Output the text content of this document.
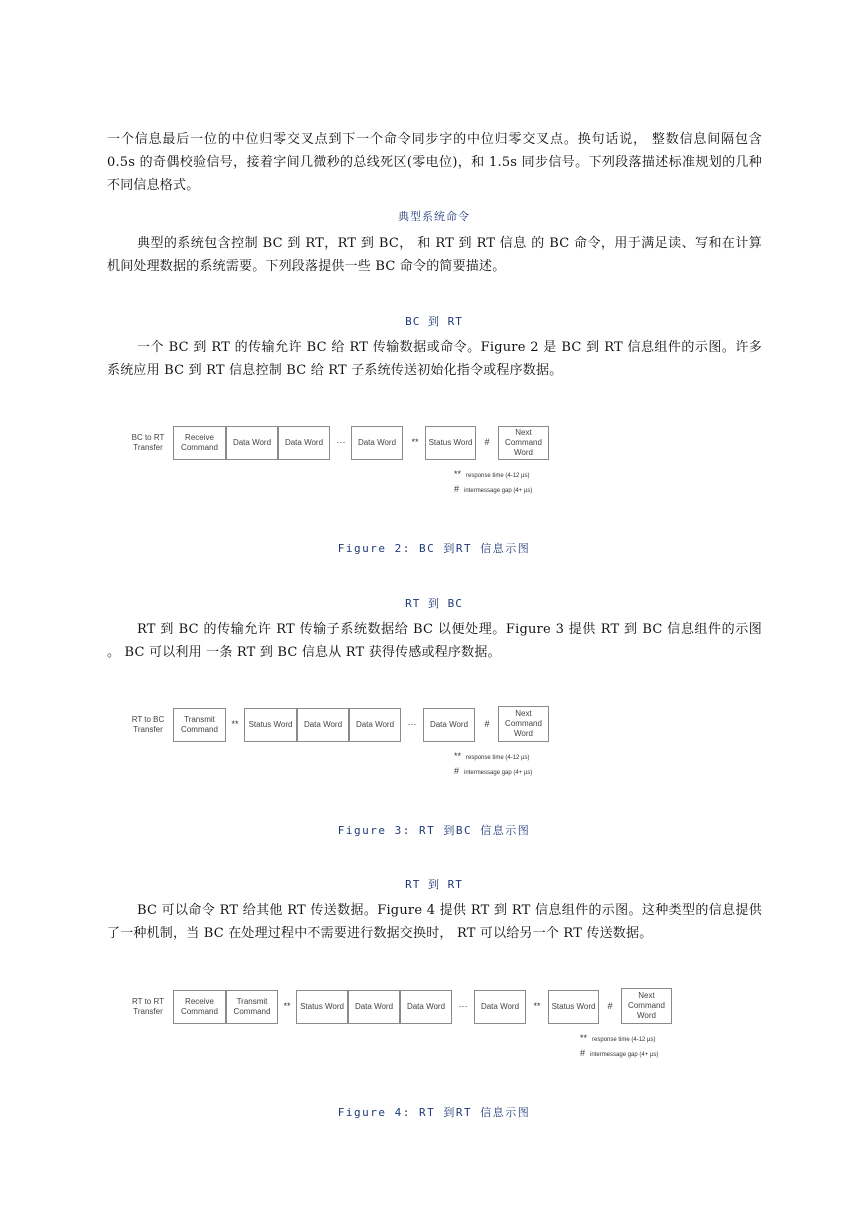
一个信息最后一位的中位归零交叉点到下一个命令同步字的中位归零交叉点。换句话说， 整数信息间隔包含 0.5s 的奇偶校验信号，接着字间几微秒的总线死区(零电位)，和 1.5s 同步信号。下列段落描述标准规划的几种不同信息格式。

典型系统命令

典型的系统包含控制 BC 到 RT，RT 到 BC， 和 RT 到 RT 信息 的 BC 命令，用于满足读、写和在计算机间处理数据的系统需要。下列段落提供一些 BC 命令的简要描述。

BC 到 RT

一个 BC 到 RT 的传输允许 BC 给 RT 传输数据或命令。Figure 2 是 BC 到 RT 信息组件的示图。许多系统应用 BC 到 RT 信息控制 BC 给 RT 子系统传送初始化指令或程序数据。

BC to RT Transfer
Receive Command
Data Word	Data Word	···	Data Word	**	Status Word	#
Next Command Word
** response time (4-12 µs)
# intermessage gap (4+ µs)

Figure 2: BC 到RT 信息示图

RT 到 BC

RT 到 BC 的传输允许 RT 传输子系统数据给 BC 以便处理。Figure 3 提供 RT 到 BC 信息组件的示图 。 BC 可以利用 一条 RT 到 BC 信息从 RT 获得传感或程序数据。

RT to BC Transfer
Transmit Command
**	Status Word	Data Word	Data Word	···	Data Word	#
Next Command Word
** response time (4-12 µs)
# intermessage gap (4+ µs)

Figure 3: RT 到BC 信息示图

RT 到 RT

BC 可以命令 RT 给其他 RT 传送数据。Figure 4 提供 RT 到 RT 信息组件的示图。这种类型的信息提供了一种机制，当 BC 在处理过程中不需要进行数据交换时， RT 可以给另一个 RT 传送数据。

RT to RT Transfer
Receive Command
Transmit Command
**	Status Word	Data Word	Data Word	···	Data Word	**	Status Word	#
Next Command Word
** response time (4-12 µs)
# intermessage gap (4+ µs)

Figure 4: RT 到RT 信息示图
